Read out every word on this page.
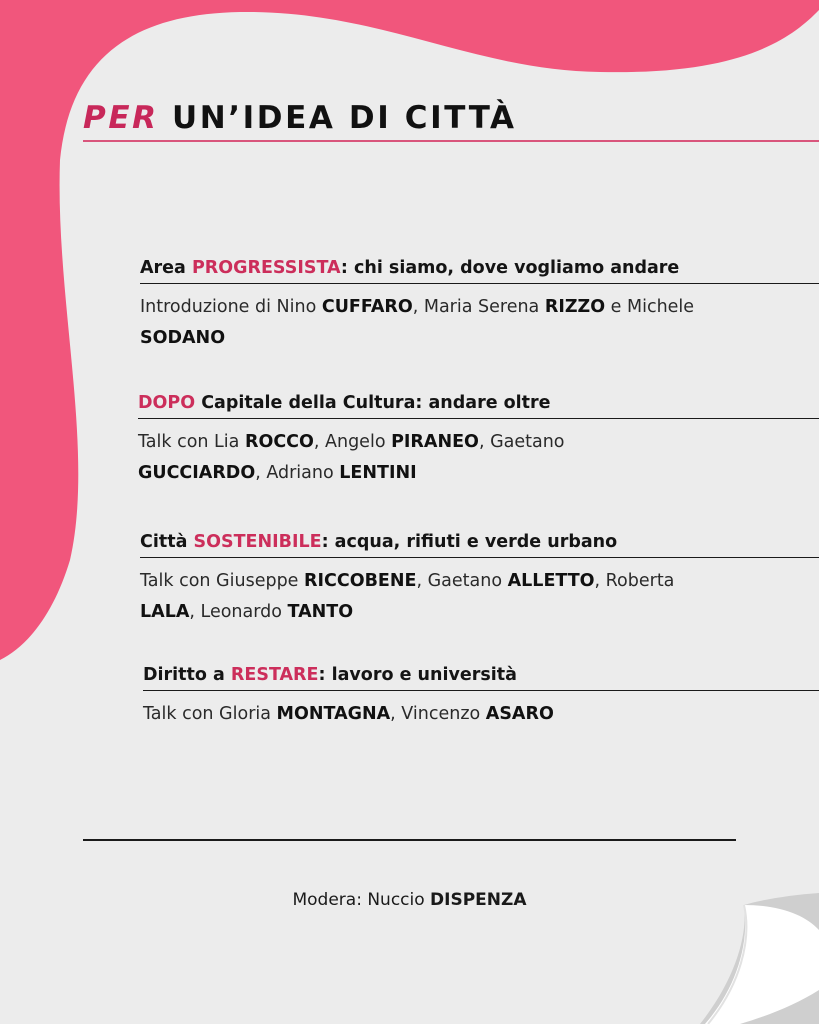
PER UN’IDEA DI CITTÀ
Area PROGRESSISTA: chi siamo, dove vogliamo andare
Introduzione di Nino CUFFARO, Maria Serena RIZZO e Michele SODANO
DOPO Capitale della Cultura: andare oltre
Talk con Lia ROCCO, Angelo PIRANEO, Gaetano GUCCIARDO, Adriano LENTINI
Città SOSTENIBILE: acqua, rifiuti e verde urbano
Talk con Giuseppe RICCOBENE, Gaetano ALLETTO, Roberta LALA, Leonardo TANTO
Diritto a RESTARE: lavoro e università
Talk con Gloria MONTAGNA, Vincenzo ASARO
Modera: Nuccio DISPENZA
